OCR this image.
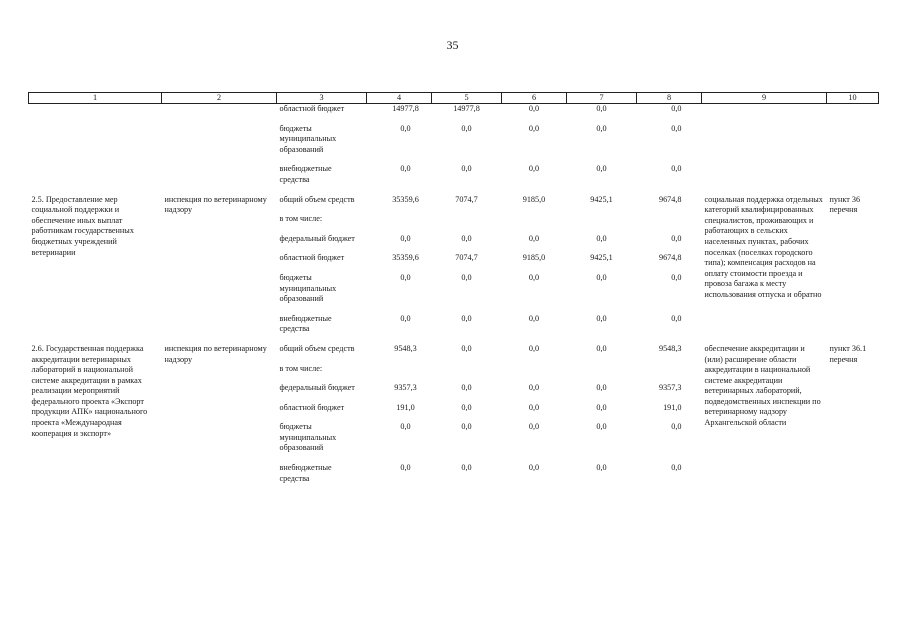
35
1	2	3	4	5	6	7	8	9	10
		областной бюджет	14977,8	14977,8	0,0	0,0	0,0		

		бюджеты муниципальных образований	0,0	0,0	0,0	0,0	0,0		

		внебюджетные средства	0,0	0,0	0,0	0,0	0,0		

2.5. Предоставление мер социальной поддержки и обеспечение иных выплат работникам государственных бюджетных учреждений ветеринарии	инспекция по ветеринарному надзору	общий объем средств	35359,6	7074,7	9185,0	9425,1	9674,8	социальная поддержка отдельных категорий квалифицированных специалистов, проживающих и работающих в сельских населенных пунктах, рабочих поселках (поселках городского типа); компенсация расходов на оплату стоимости проезда и провоза багажа к месту использования отпуска и обратно	пункт 36 перечня

		в том числе:							

		федеральный бюджет	0,0	0,0	0,0	0,0	0,0		

		областной бюджет	35359,6	7074,7	9185,0	9425,1	9674,8		

		бюджеты муниципальных образований	0,0	0,0	0,0	0,0	0,0		

		внебюджетные средства	0,0	0,0	0,0	0,0	0,0		

2.6. Государственная поддержка аккредитации ветеринарных лабораторий в национальной системе аккредитации в рамках реализации мероприятий федерального проекта «Экспорт продукции АПК» национального проекта «Международная кооперация и экспорт»	инспекция по ветеринарному надзору	общий объем средств	9548,3	0,0	0,0	0,0	9548,3	обеспечение аккредитации и (или) расширение области аккредитации в национальной системе аккредитации ветеринарных лабораторий, подведомственных инспекции по ветеринарному надзору Архангельской области	пункт 36.1 перечня

		в том числе:							

		федеральный бюджет	9357,3	0,0	0,0	0,0	9357,3		

		областной бюджет	191,0	0,0	0,0	0,0	191,0		

		бюджеты муниципальных образований	0,0	0,0	0,0	0,0	0,0		

		внебюджетные средства	0,0	0,0	0,0	0,0	0,0		
